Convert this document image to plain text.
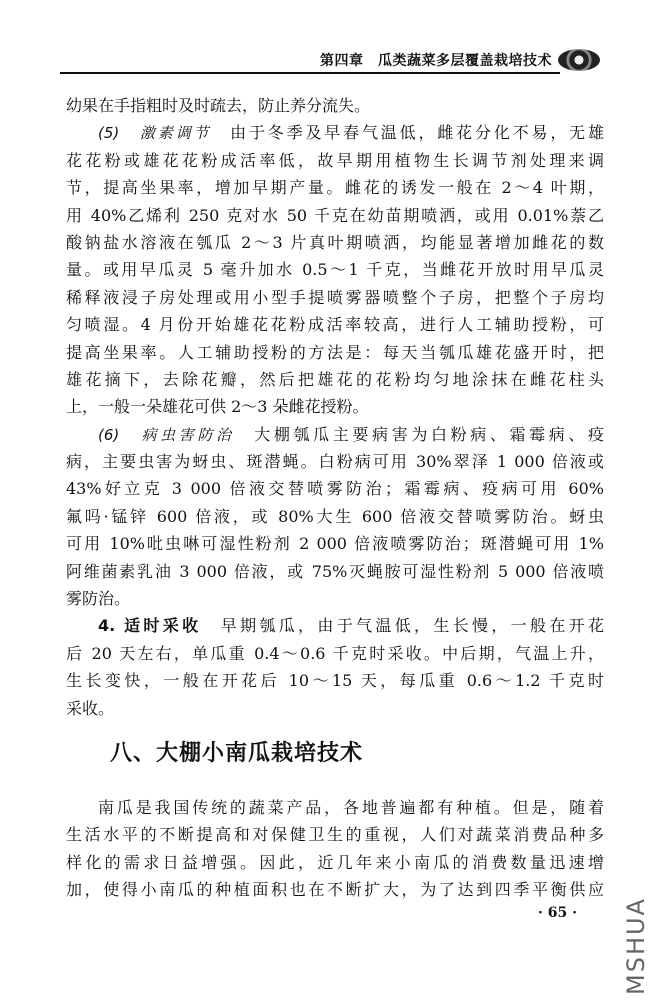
第四章　瓜类蔬菜多层覆盖栽培技术
幼果在手指粗时及时疏去，防止养分流失。
(5)　激素调节　由于冬季及早春气温低，雌花分化不易，无雄
花花粉或雄花花粉成活率低，故早期用植物生长调节剂处理来调
节，提高坐果率，增加早期产量。雌花的诱发一般在 2～4 叶期，
用 40%乙烯利 250 克对水 50 千克在幼苗期喷洒，或用 0.01%萘乙
酸钠盐水溶液在瓠瓜 2～3 片真叶期喷洒，均能显著增加雌花的数
量。或用早瓜灵 5 毫升加水 0.5～1 千克，当雌花开放时用早瓜灵
稀释液浸子房处理或用小型手提喷雾器喷整个子房，把整个子房均
匀喷湿。4 月份开始雄花花粉成活率较高，进行人工辅助授粉，可
提高坐果率。人工辅助授粉的方法是：每天当瓠瓜雄花盛开时，把
雄花摘下，去除花瓣，然后把雄花的花粉均匀地涂抹在雌花柱头
上，一般一朵雄花可供 2～3 朵雌花授粉。
(6)　病虫害防治　大棚瓠瓜主要病害为白粉病、霜霉病、疫
病，主要虫害为蚜虫、斑潜蝇。白粉病可用 30%翠泽 1 000 倍液或
43%好立克 3 000 倍液交替喷雾防治；霜霉病、疫病可用 60%
氟吗·锰锌 600 倍液，或 80%大生 600 倍液交替喷雾防治。蚜虫
可用 10%吡虫啉可湿性粉剂 2 000 倍液喷雾防治；斑潜蝇可用 1%
阿维菌素乳油 3 000 倍液，或 75%灭蝇胺可湿性粉剂 5 000 倍液喷
雾防治。
4. 适时采收　早期瓠瓜，由于气温低，生长慢，一般在开花
后 20 天左右，单瓜重 0.4～0.6 千克时采收。中后期，气温上升，
生长变快，一般在开花后 10～15 天，每瓜重 0.6～1.2 千克时
采收。
八、大棚小南瓜栽培技术
南瓜是我国传统的蔬菜产品，各地普遍都有种植。但是，随着
生活水平的不断提高和对保健卫生的重视，人们对蔬菜消费品种多
样化的需求日益增强。因此，近几年来小南瓜的消费数量迅速增
加，使得小南瓜的种植面积也在不断扩大，为了达到四季平衡供应
· 65 · MSHUA
